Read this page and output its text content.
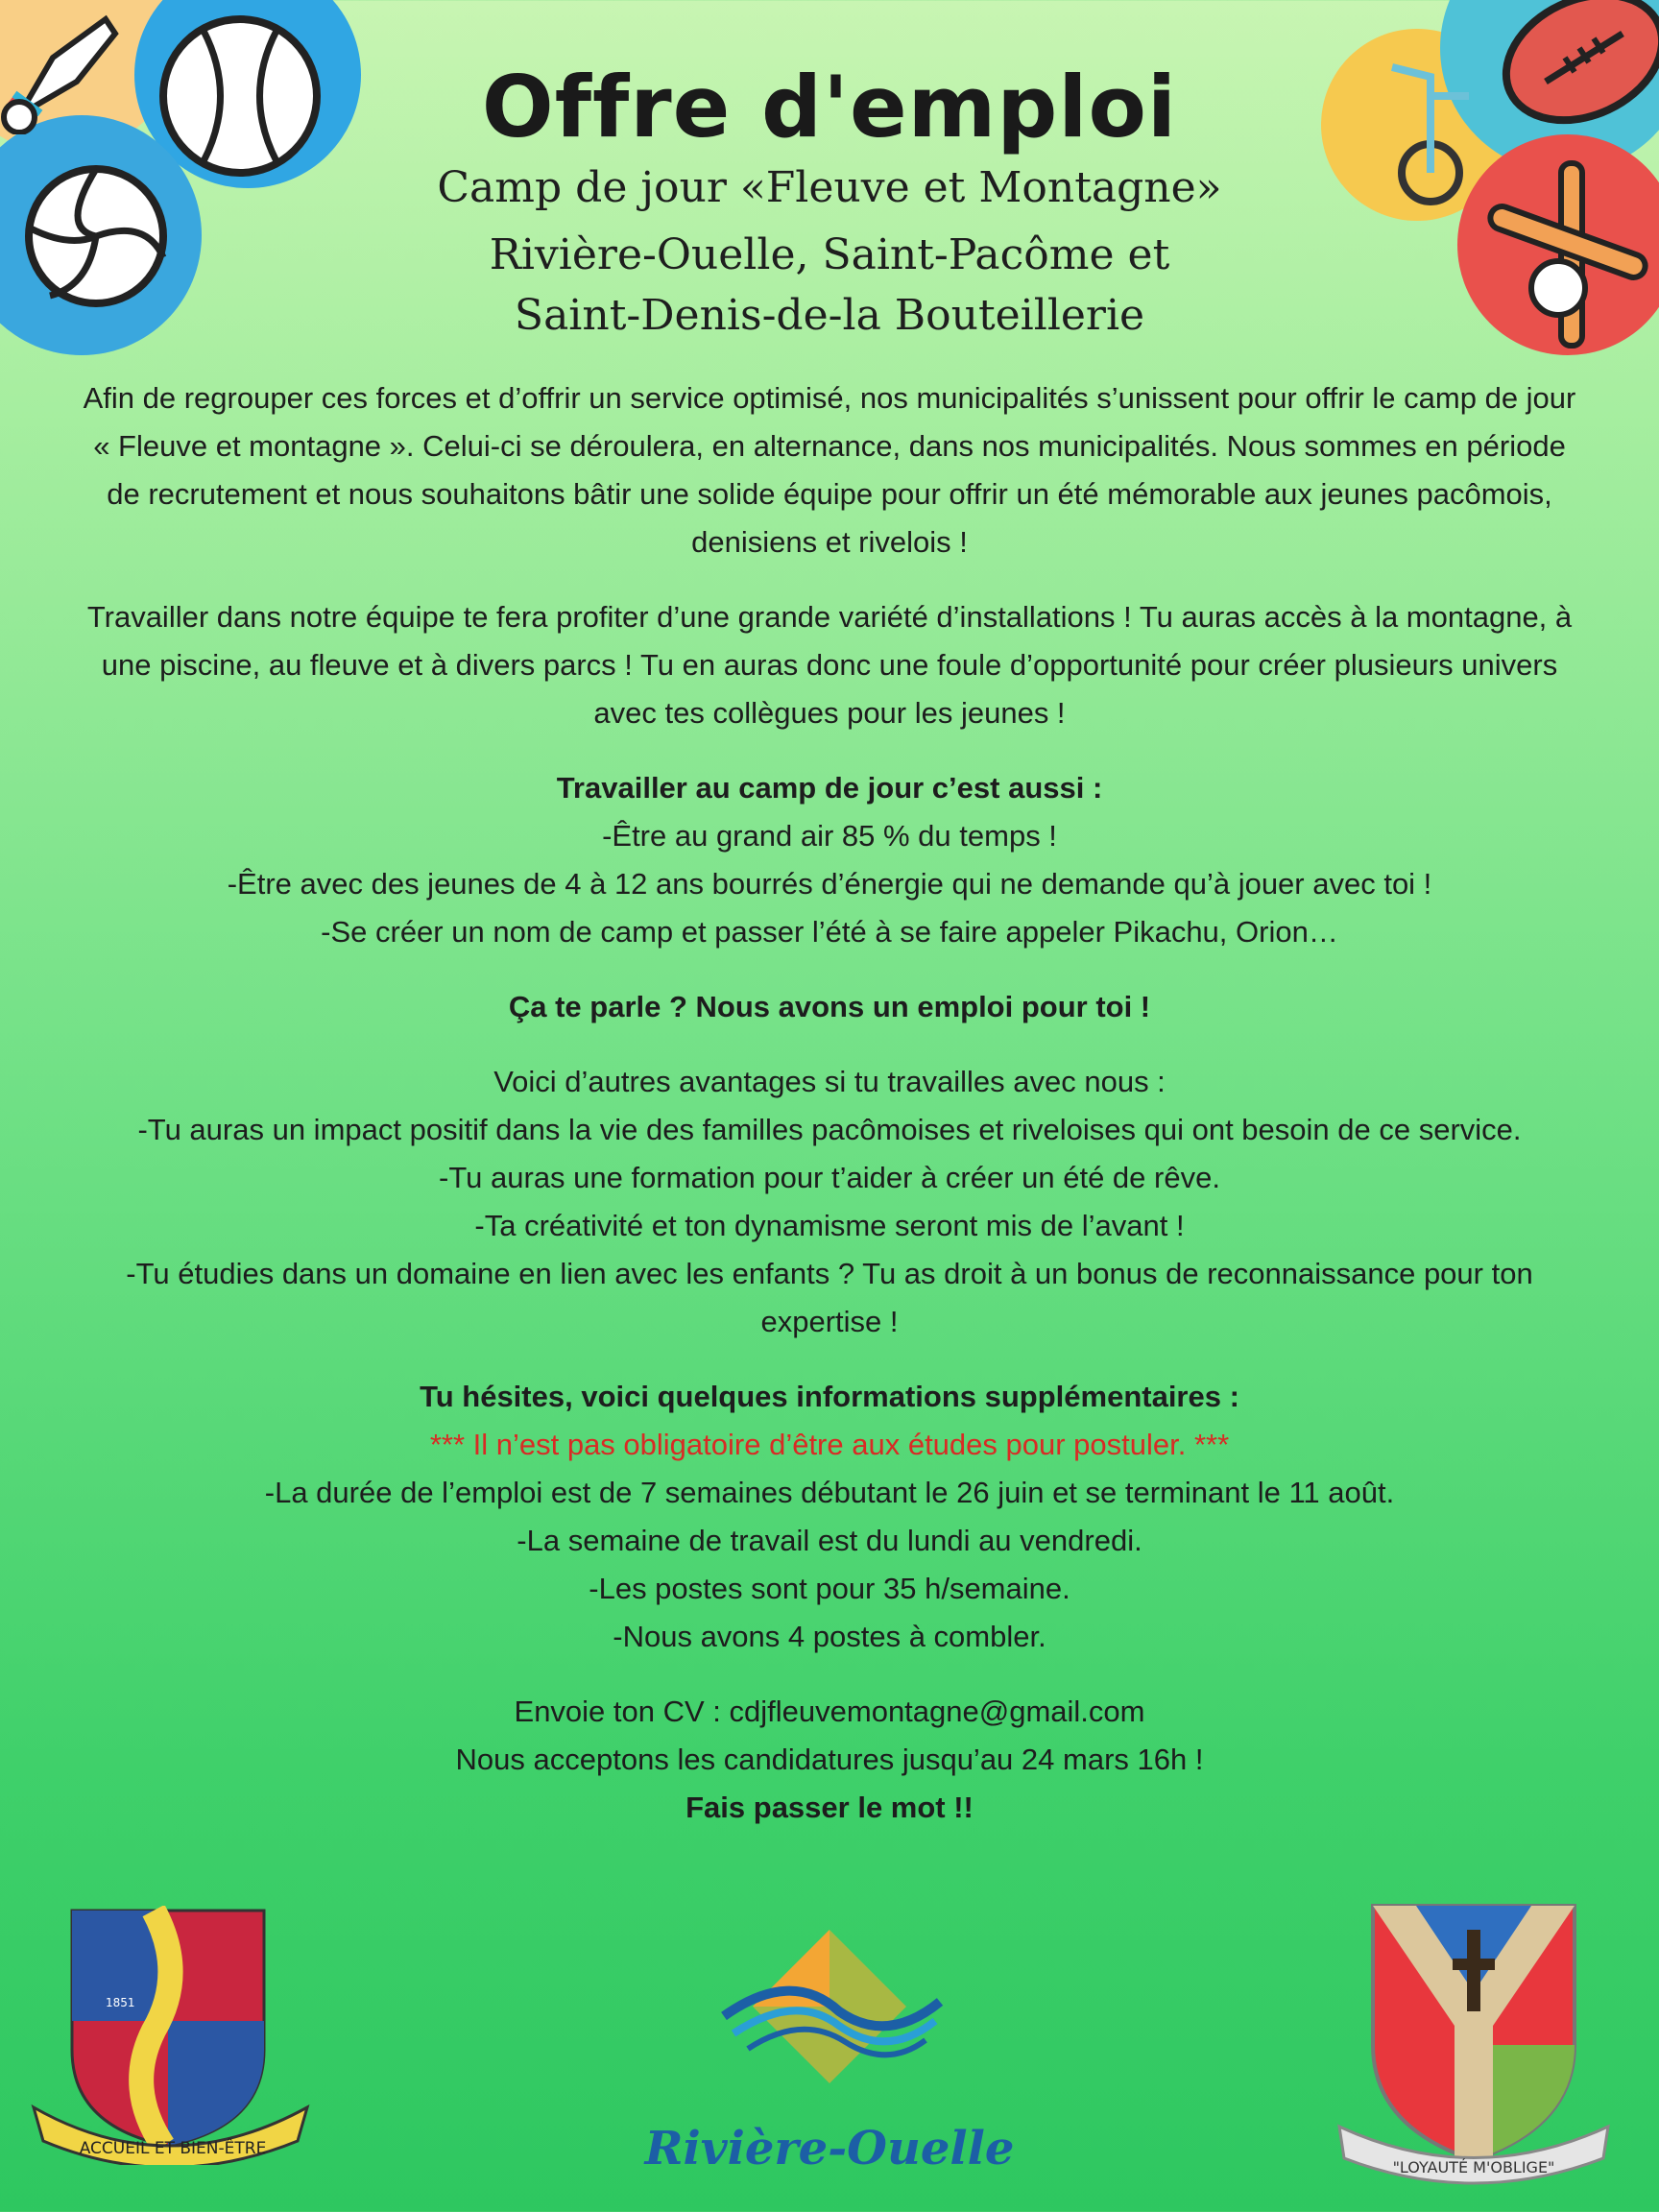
Offre d'emploi
Camp de jour «Fleuve et Montagne»
Rivière-Ouelle, Saint-Pacôme et
Saint-Denis-de-la Bouteillerie

Afin de regrouper ces forces et d’offrir un service optimisé, nos municipalités s’unissent pour offrir le camp de jour « Fleuve et montagne ». Celui-ci se déroulera, en alternance, dans nos municipalités. Nous sommes en période de recrutement et nous souhaitons bâtir une solide équipe pour offrir un été mémorable aux jeunes pacômois, denisiens et rivelois !

Travailler dans notre équipe te fera profiter d’une grande variété d’installations ! Tu auras accès à la montagne, à une piscine, au fleuve et à divers parcs ! Tu en auras donc une foule d’opportunité pour créer plusieurs univers avec tes collègues pour les jeunes !

Travailler au camp de jour c’est aussi :
-Être au grand air 85 % du temps !
-Être avec des jeunes de 4 à 12 ans bourrés d’énergie qui ne demande qu’à jouer avec toi !
-Se créer un nom de camp et passer l’été à se faire appeler Pikachu, Orion…

Ça te parle ? Nous avons un emploi pour toi !

Voici d’autres avantages si tu travailles avec nous :
-Tu auras un impact positif dans la vie des familles pacômoises et riveloises qui ont besoin de ce service.
-Tu auras une formation pour t’aider à créer un été de rêve.
-Ta créativité et ton dynamisme seront mis de l’avant !
-Tu étudies dans un domaine en lien avec les enfants ? Tu as droit à un bonus de reconnaissance pour ton expertise !

Tu hésites, voici quelques informations supplémentaires :
*** Il n’est pas obligatoire d’être aux études pour postuler. ***
-La durée de l’emploi est de 7 semaines débutant le 26 juin et se terminant le 11 août.
-La semaine de travail est du lundi au vendredi.
-Les postes sont pour 35 h/semaine.
-Nous avons 4 postes à combler.

Envoie ton CV : cdjfleuvemontagne@gmail.com
Nous acceptons les candidatures jusqu’au 24 mars 16h !
Fais passer le mot !!

1851
ACCUEIL ET BIEN-ÊTRE	Rivière-Ouelle	"LOYAUTÉ M'OBLIGE"
